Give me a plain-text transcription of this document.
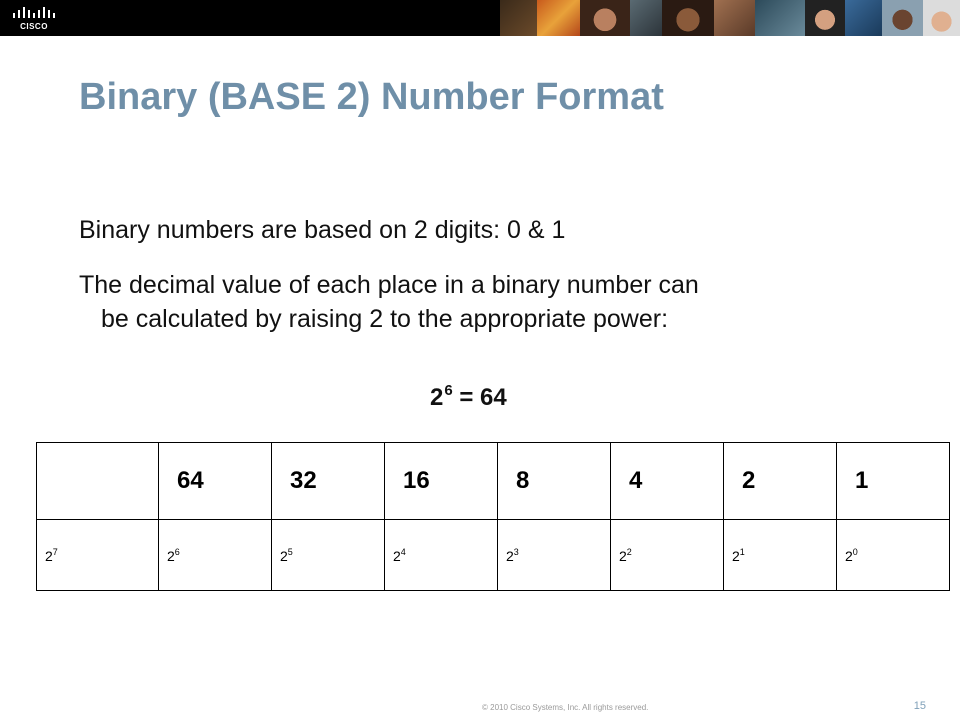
CISCO
Binary (BASE 2) Number Format

Binary numbers are based on 2 digits: 0 & 1

The decimal value of each place in a binary number can
be calculated by raising 2 to the appropriate power:

$2^6 = 64$
	64	32	16	8	4	2	1
$2^7$	$2^6$	$2^5$	$2^4$	$2^3$	$2^2$	$2^1$	$2^0$
© 2010 Cisco Systems, Inc. All rights reserved.	15
